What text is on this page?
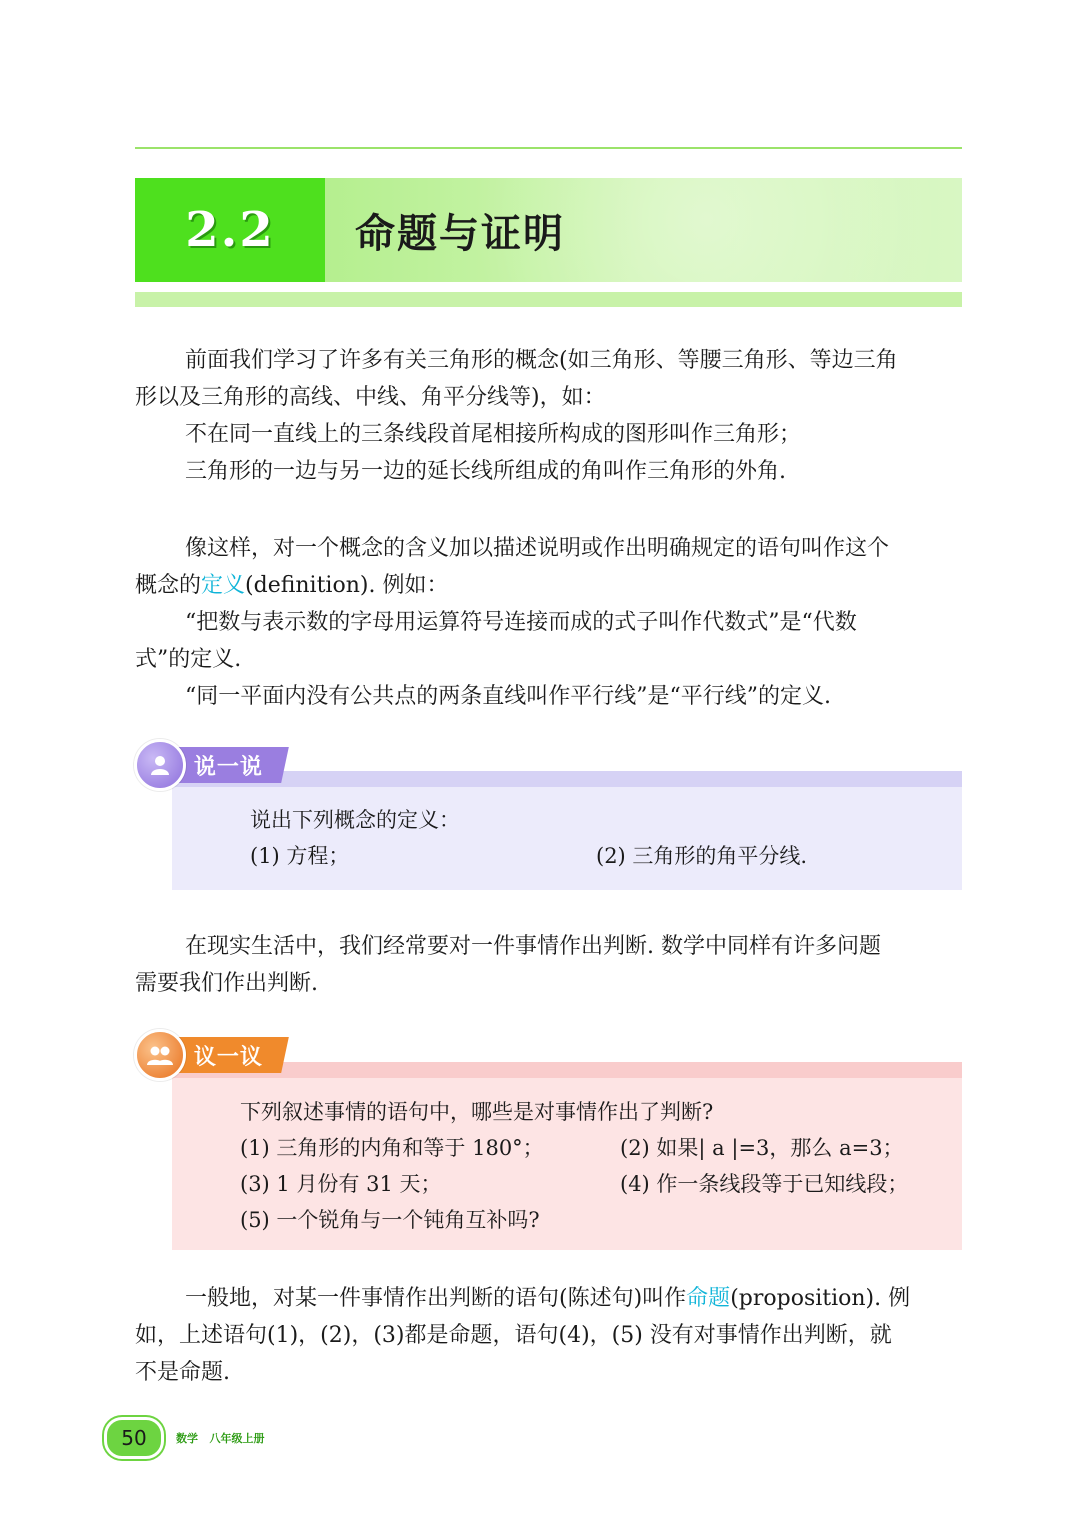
2.2 命题与证明

前面我们学习了许多有关三角形的概念(如三角形、等腰三角形、等边三角
形以及三角形的高线、中线、角平分线等)，如：
不在同一直线上的三条线段首尾相接所构成的图形叫作三角形；
三角形的一边与另一边的延长线所组成的角叫作三角形的外角.

像这样，对一个概念的含义加以描述说明或作出明确规定的语句叫作这个
概念的定义(definition). 例如：
“把数与表示数的字母用运算符号连接而成的式子叫作代数式”是“代数
式”的定义.
“同一平面内没有公共点的两条直线叫作平行线”是“平行线”的定义.

说一说
说出下列概念的定义：
(1) 方程；	(2) 三角形的角平分线.

在现实生活中，我们经常要对一件事情作出判断. 数学中同样有许多问题
需要我们作出判断.

议一议
下列叙述事情的语句中，哪些是对事情作出了判断?
(1) 三角形的内角和等于 180°；	(2) 如果| a |=3，那么 a=3；
(3) 1 月份有 31 天；	(4) 作一条线段等于已知线段；
(5) 一个锐角与一个钝角互补吗?

一般地，对某一件事情作出判断的语句(陈述句)叫作命题(proposition). 例
如，上述语句(1)，(2)，(3)都是命题，语句(4)，(5) 没有对事情作出判断，就
不是命题.

50	数学   八年级上册
